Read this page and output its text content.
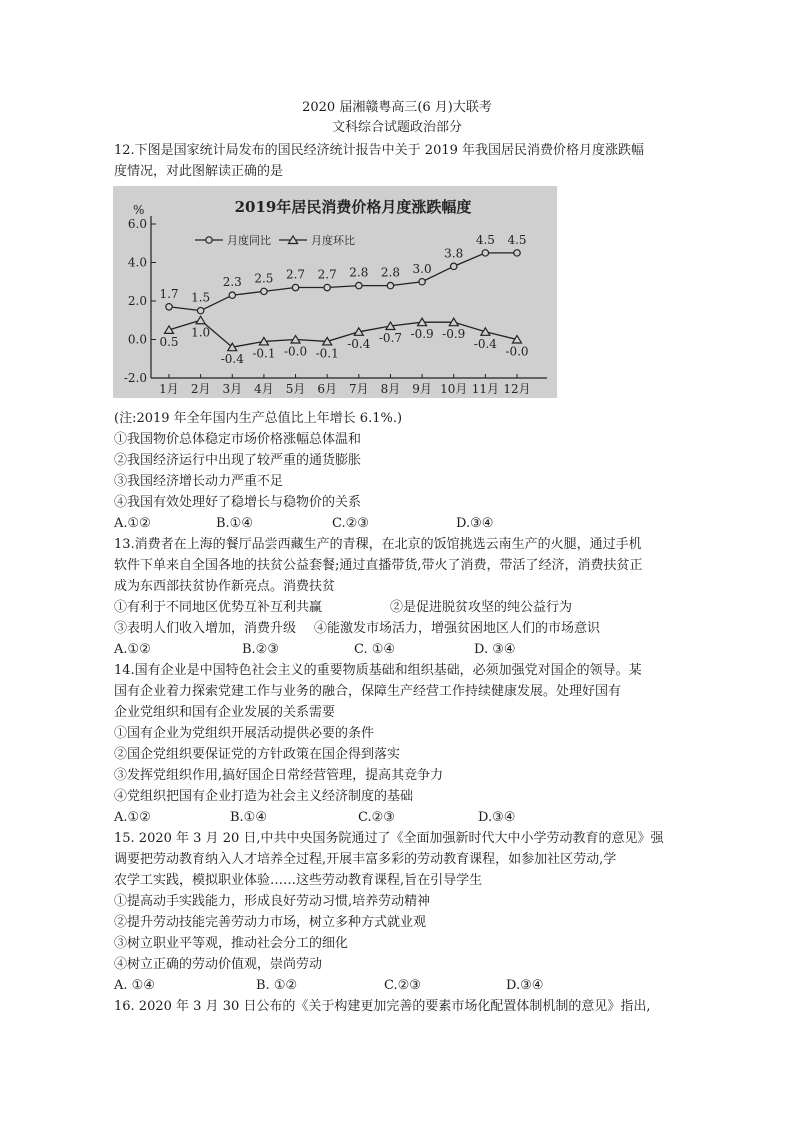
2020 届湘赣粤高三(6 月)大联考
文科综合试题政治部分
12.下图是国家统计局发布的国民经济统计报告中关于 2019 年我国居民消费价格月度涨跌幅
度情况，对此图解读正确的是
2019年居民消费价格月度涨跌幅度
%
6.0
4.0
2.0
0.0
-2.0
1月 2月 3月 4月 5月 6月 7月 8月 9月 10月 11月 12月
月度同比	月度环比
1.7 1.5
2.3 2.5 2.7 2.7 2.8 2.8 3.0
3.8
4.5 4.5
0.5
1.0
-0.4 -0.1 -0.0 -0.1
-0.4 -0.7 -0.9 -0.9
-0.4
-0.0
(注:2019 年全年国内生产总值比上年增长 6.1%.)
①我国物价总体稳定市场价格涨幅总体温和
②我国经济运行中出现了较严重的通货膨胀
③我国经济增长动力严重不足
④我国有效处理好了稳增长与稳物价的关系
A.①②	B.①④	C.②③	D.③④
13.消费者在上海的餐厅品尝西藏生产的青稞，在北京的饭馆挑选云南生产的火腿，通过手机
软件下单来自全国各地的扶贫公益套餐;通过直播带货,带火了消费，带活了经济，消费扶贫正
成为东西部扶贫协作新亮点。消费扶贫
①有利于不同地区优势互补互利共赢	②是促进脱贫攻坚的纯公益行为
③表明人们收入增加，消费升级 ④能激发市场活力，增强贫困地区人们的市场意识
A.①②	B.②③	C. ①④	D. ③④
14.国有企业是中国特色社会主义的重要物质基础和组织基础，必须加强党对国企的领导。某
国有企业着力探索党建工作与业务的融合，保障生产经营工作持续健康发展。处理好国有
企业党组织和国有企业发展的关系需要
①国有企业为党组织开展活动提供必要的条件
②国企党组织要保证党的方针政策在国企得到落实
③发挥党组织作用,搞好国企日常经营管理，提高其竞争力
④党组织把国有企业打造为社会主义经济制度的基础
A.①②	B.①④	C.②③	D.③④
15. 2020 年 3 月 20 日,中共中央国务院通过了《全面加强新时代大中小学劳动教育的意见》强
调要把劳动教育纳入人才培养全过程,开展丰富多彩的劳动教育课程，如参加社区劳动,学
农学工实践，模拟职业体验……这些劳动教育课程,旨在引导学生
①提高动手实践能力，形成良好劳动习惯,培养劳动精神
②提升劳动技能完善劳动力市场，树立多种方式就业观
③树立职业平等观，推动社会分工的细化
④树立正确的劳动价值观，崇尚劳动
A. ①④	B. ①②	C.②③	D.③④
16. 2020 年 3 月 30 日公布的《关于构建更加完善的要素市场化配置体制机制的意见》指出,
